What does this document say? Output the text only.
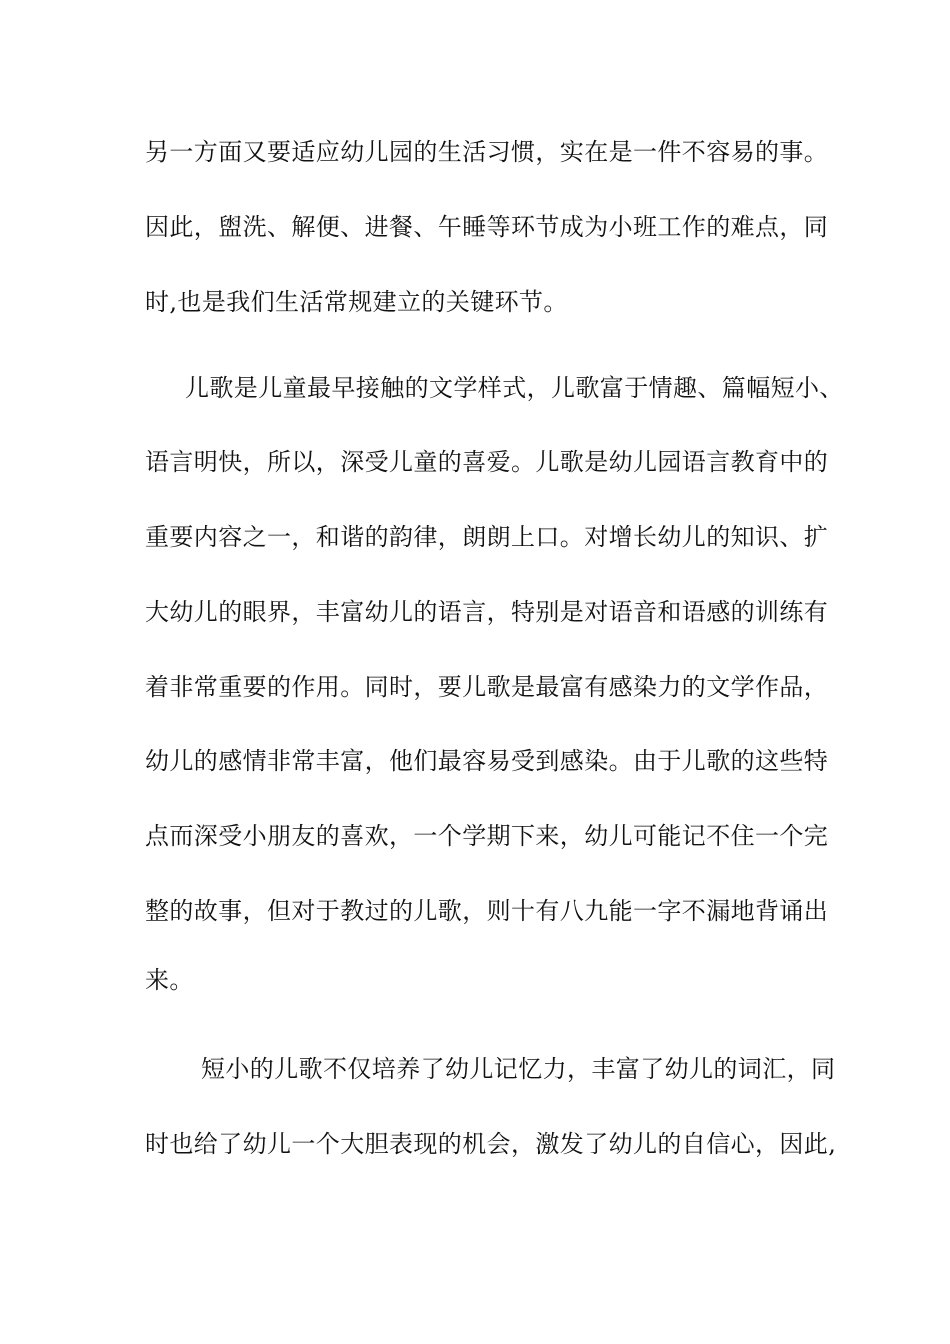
另一方面又要适应幼儿园的生活习惯，实在是一件不容易的事。
因此，盥洗、解便、进餐、午睡等环节成为小班工作的难点，同
时,也是我们生活常规建立的关键环节。
儿歌是儿童最早接触的文学样式，儿歌富于情趣、篇幅短小、
语言明快，所以，深受儿童的喜爱。儿歌是幼儿园语言教育中的
重要内容之一，和谐的韵律，朗朗上口。对增长幼儿的知识、扩
大幼儿的眼界，丰富幼儿的语言，特别是对语音和语感的训练有
着非常重要的作用。同时，要儿歌是最富有感染力的文学作品，
幼儿的感情非常丰富，他们最容易受到感染。由于儿歌的这些特
点而深受小朋友的喜欢，一个学期下来，幼儿可能记不住一个完
整的故事，但对于教过的儿歌，则十有八九能一字不漏地背诵出
来。
短小的儿歌不仅培养了幼儿记忆力，丰富了幼儿的词汇，同
时也给了幼儿一个大胆表现的机会，激发了幼儿的自信心，因此,
